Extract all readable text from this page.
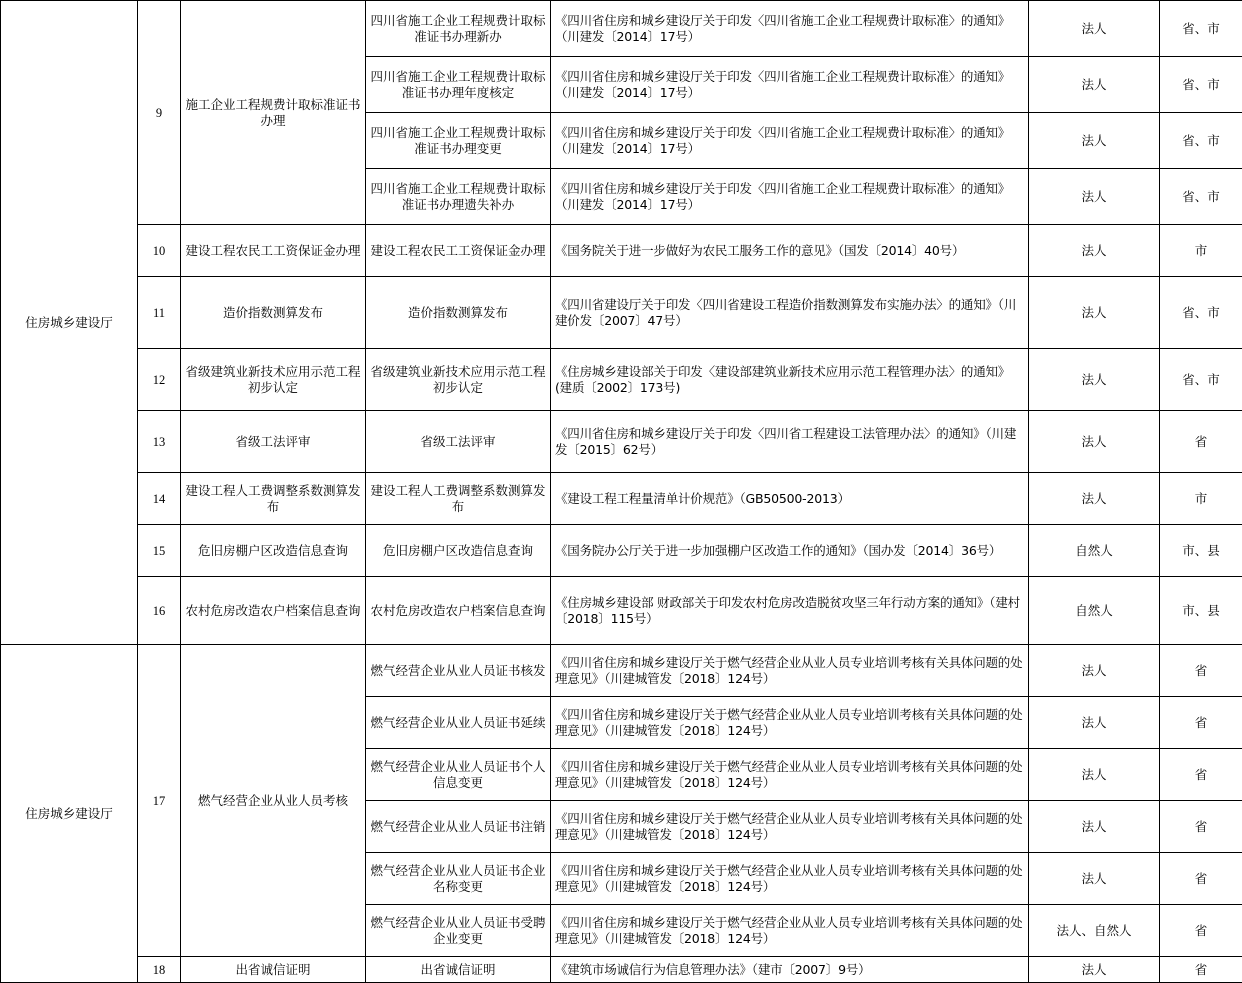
住房城乡建设厅	9	施工企业工程规费计取标准证书办理	四川省施工企业工程规费计取标准证书办理新办	《四川省住房和城乡建设厅关于印发〈四川省施工企业工程规费计取标准〉的通知》（川建发〔2014〕17号）	法人	省、市
			四川省施工企业工程规费计取标准证书办理年度核定	《四川省住房和城乡建设厅关于印发〈四川省施工企业工程规费计取标准〉的通知》（川建发〔2014〕17号）	法人	省、市
			四川省施工企业工程规费计取标准证书办理变更	《四川省住房和城乡建设厅关于印发〈四川省施工企业工程规费计取标准〉的通知》（川建发〔2014〕17号）	法人	省、市
			四川省施工企业工程规费计取标准证书办理遗失补办	《四川省住房和城乡建设厅关于印发〈四川省施工企业工程规费计取标准〉的通知》（川建发〔2014〕17号）	法人	省、市
	10	建设工程农民工工资保证金办理	建设工程农民工工资保证金办理	《国务院关于进一步做好为农民工服务工作的意见》（国发〔2014〕40号）	法人	市
	11	造价指数测算发布	造价指数测算发布	《四川省建设厅关于印发〈四川省建设工程造价指数测算发布实施办法〉的通知》（川建价发〔2007〕47号）	法人	省、市
	12	省级建筑业新技术应用示范工程初步认定	省级建筑业新技术应用示范工程初步认定	《住房城乡建设部关于印发〈建设部建筑业新技术应用示范工程管理办法〉的通知》(建质〔2002〕173号)	法人	省、市
	13	省级工法评审	省级工法评审	《四川省住房和城乡建设厅关于印发〈四川省工程建设工法管理办法〉的通知》（川建发〔2015〕62号）	法人	省
	14	建设工程人工费调整系数测算发布	建设工程人工费调整系数测算发布	《建设工程工程量清单计价规范》（GB50500-2013）	法人	市
	15	危旧房棚户区改造信息查询	危旧房棚户区改造信息查询	《国务院办公厅关于进一步加强棚户区改造工作的通知》（国办发〔2014〕36号）	自然人	市、县
	16	农村危房改造农户档案信息查询	农村危房改造农户档案信息查询	《住房城乡建设部 财政部关于印发农村危房改造脱贫攻坚三年行动方案的通知》（建村〔2018〕115号）	自然人	市、县
住房城乡建设厅	17	燃气经营企业从业人员考核	燃气经营企业从业人员证书核发	《四川省住房和城乡建设厅关于燃气经营企业从业人员专业培训考核有关具体问题的处理意见》（川建城管发〔2018〕124号）	法人	省
			燃气经营企业从业人员证书延续	《四川省住房和城乡建设厅关于燃气经营企业从业人员专业培训考核有关具体问题的处理意见》（川建城管发〔2018〕124号）	法人	省
			燃气经营企业从业人员证书个人信息变更	《四川省住房和城乡建设厅关于燃气经营企业从业人员专业培训考核有关具体问题的处理意见》（川建城管发〔2018〕124号）	法人	省
			燃气经营企业从业人员证书注销	《四川省住房和城乡建设厅关于燃气经营企业从业人员专业培训考核有关具体问题的处理意见》（川建城管发〔2018〕124号）	法人	省
			燃气经营企业从业人员证书企业名称变更	《四川省住房和城乡建设厅关于燃气经营企业从业人员专业培训考核有关具体问题的处理意见》（川建城管发〔2018〕124号）	法人	省
			燃气经营企业从业人员证书受聘企业变更	《四川省住房和城乡建设厅关于燃气经营企业从业人员专业培训考核有关具体问题的处理意见》（川建城管发〔2018〕124号）	法人、自然人	省
	18	出省诚信证明	出省诚信证明	《建筑市场诚信行为信息管理办法》（建市〔2007〕9号）	法人	省
